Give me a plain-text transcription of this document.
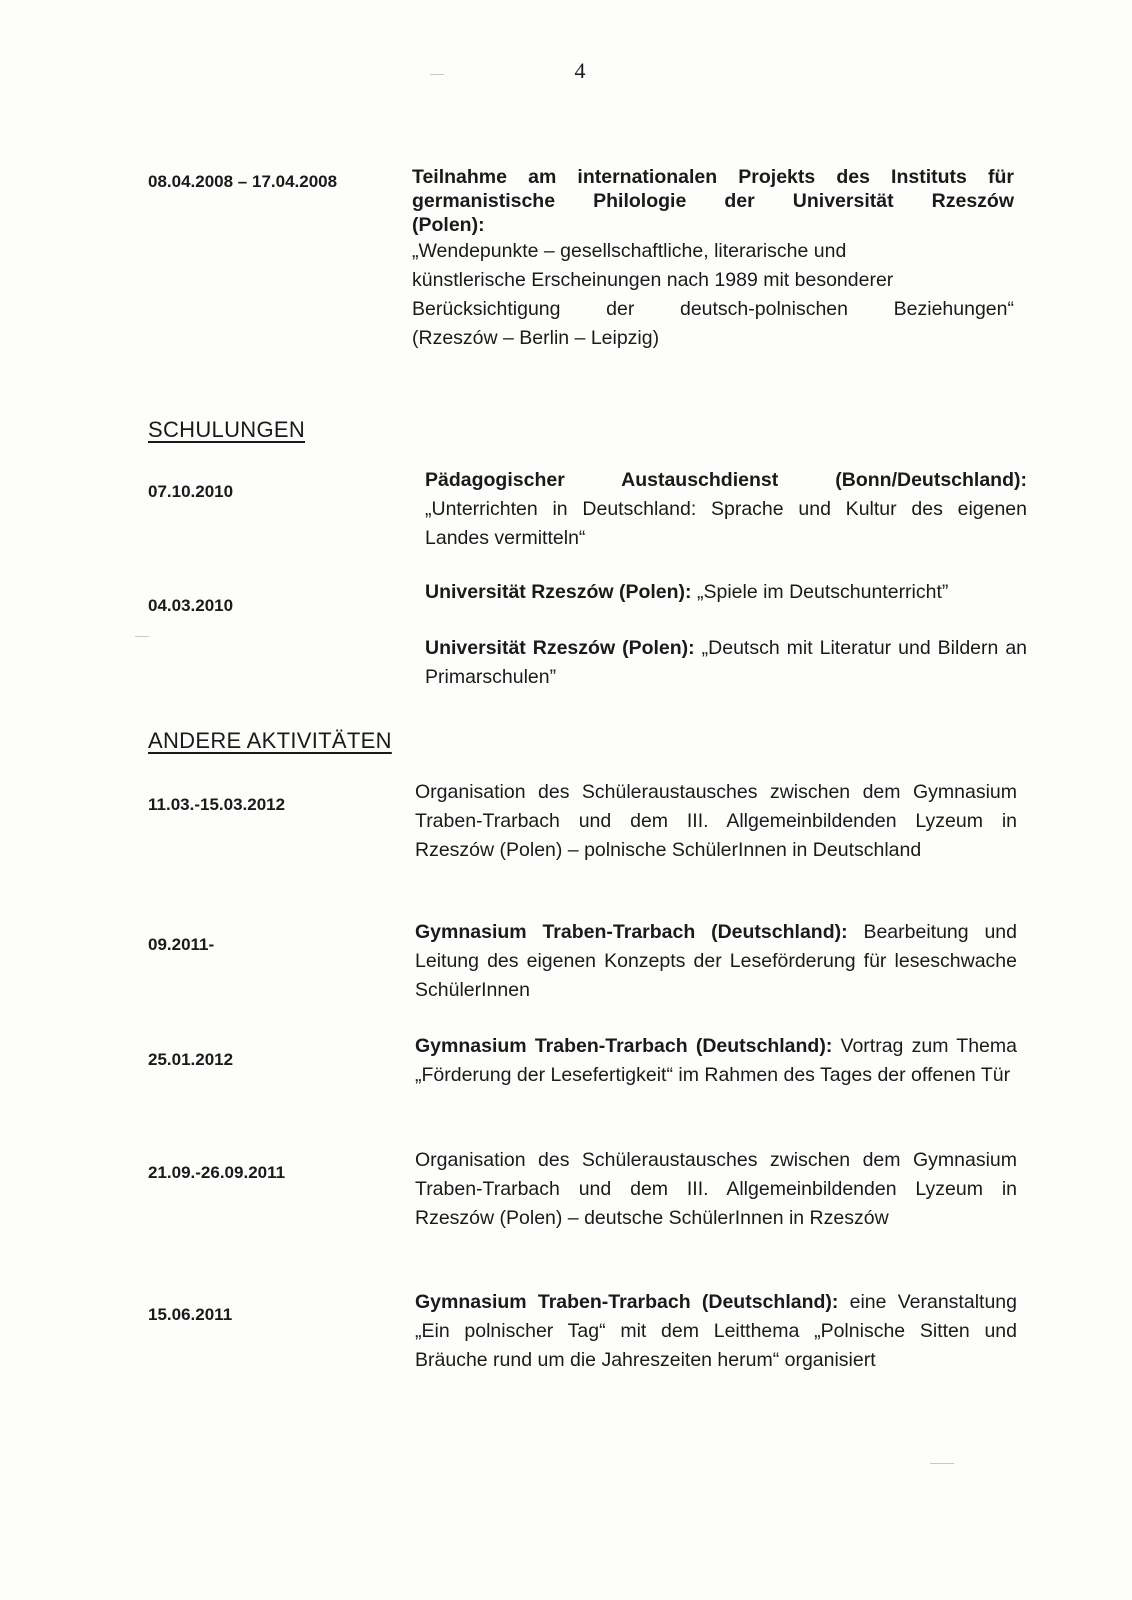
4
08.04.2008 – 17.04.2008	Teilnahme am internationalen Projekts des Instituts für
germanistische Philologie der Universität Rzeszów
(Polen):
„Wendepunkte – gesellschaftliche, literarische und
künstlerische Erscheinungen nach 1989 mit besonderer
Berücksichtigung der deutsch-polnischen Beziehungen“
(Rzeszów – Berlin – Leipzig)
SCHULUNGEN
07.10.2010
Pädagogischer Austauschdienst (Bonn/Deutschland): „Unterrichten in Deutschland: Sprache und Kultur des eigenen Landes vermitteln“
04.03.2010
Universität Rzeszów (Polen): „Spiele im Deutschunterricht”
Universität Rzeszów (Polen): „Deutsch mit Literatur und Bildern an Primarschulen”
ANDERE AKTIVITÄTEN
11.03.-15.03.2012
Organisation des Schüleraustausches zwischen dem Gymnasium Traben-Trarbach und dem III. Allgemeinbildenden Lyzeum in Rzeszów (Polen) – polnische SchülerInnen in Deutschland
09.2011-
Gymnasium Traben-Trarbach (Deutschland): Bearbeitung und Leitung des eigenen Konzepts der Leseförderung für leseschwache SchülerInnen
25.01.2012
Gymnasium Traben-Trarbach (Deutschland): Vortrag zum Thema „Förderung der Lesefertigkeit“ im Rahmen des Tages der offenen Tür
21.09.-26.09.2011
Organisation des Schüleraustausches zwischen dem Gymnasium Traben-Trarbach und dem III. Allgemeinbildenden Lyzeum in Rzeszów (Polen) – deutsche SchülerInnen in Rzeszów
15.06.2011
Gymnasium Traben-Trarbach (Deutschland): eine Veranstaltung „Ein polnischer Tag“ mit dem Leitthema „Polnische Sitten und Bräuche rund um die Jahreszeiten herum“ organisiert
